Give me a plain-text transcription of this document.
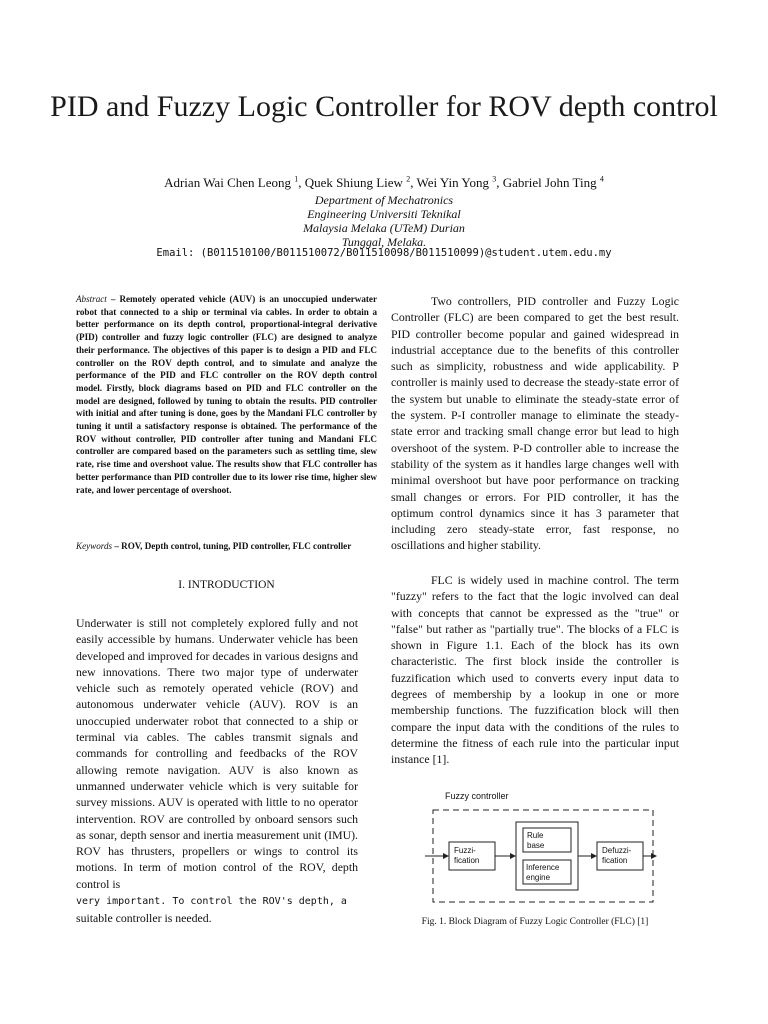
PID and Fuzzy Logic Controller for ROV depth control
Adrian Wai Chen Leong $^1$, Quek Shiung Liew $^2$, Wei Yin Yong $^3$, Gabriel John Ting $^4$
Department of Mechatronics
Engineering Universiti Teknikal
Malaysia Melaka (UTeM) Durian
Tunggal, Melaka.
Email: (B011510100/B011510072/B011510098/B011510099)@student.utem.edu.my
Abstract – Remotely operated vehicle (AUV) is an unoccupied underwater robot that connected to a ship or terminal via cables. In order to obtain a better performance on its depth control, proportional-integral derivative (PID) controller and fuzzy logic controller (FLC) are designed to analyze their performance. The objectives of this paper is to design a PID and FLC controller on the ROV depth control, and to simulate and analyze the performance of the PID and FLC controller on the ROV depth control model. Firstly, block diagrams based on PID and FLC controller on the model are designed, followed by tuning to obtain the results. PID controller with initial and after tuning is done, goes by the Mandani FLC controller by tuning it until a satisfactory response is obtained. The performance of the ROV without controller, PID controller after tuning and Mandani FLC controller are compared based on the parameters such as settling time, slew rate, rise time and overshoot value. The results show that FLC controller has better performance than PID controller due to its lower rise time, higher slew rate, and lower percentage of overshoot.
Keywords – ROV, Depth control, tuning, PID controller, FLC controller
I. INTRODUCTION
Underwater is still not completely explored fully and not easily accessible by humans. Underwater vehicle has been developed and improved for decades in various designs and new innovations. There two major type of underwater vehicle such as remotely operated vehicle (ROV) and autonomous underwater vehicle (AUV). ROV is an unoccupied underwater robot that connected to a ship or terminal via cables. The cables transmit signals and commands for controlling and feedbacks of the ROV allowing remote navigation. AUV is also known as unmanned underwater vehicle which is very suitable for survey missions. AUV is operated with little to no operator intervention. ROV are controlled by onboard sensors such as sonar, depth sensor and inertia measurement unit (IMU). ROV has thrusters, propellers or wings to control its motions. In term of motion control of the ROV, depth control is
very important. To control the ROV's depth, a
suitable controller is needed.
Two controllers, PID controller and Fuzzy Logic Controller (FLC) are been compared to get the best result. PID controller become popular and gained widespread in industrial acceptance due to the benefits of this controller such as simplicity, robustness and wide applicability. P controller is mainly used to decrease the steady-state error of the system but unable to eliminate the steady-state error of the system. P-I controller manage to eliminate the steady-state error and tracking small change error but lead to high overshoot of the system. P-D controller able to increase the stability of the system as it handles large changes well with minimal overshoot but have poor performance on tracking small changes or errors. For PID controller, it has the optimum control dynamics since it has 3 parameter that including zero steady-state error, fast response, no oscillations and higher stability.
FLC is widely used in machine control. The term "fuzzy" refers to the fact that the logic involved can deal with concepts that cannot be expressed as the "true" or "false" but rather as "partially true". The blocks of a FLC is shown in Figure 1.1. Each of the block has its own characteristic. The first block inside the controller is fuzzification which used to converts every input data to degrees of membership by a lookup in one or more membership functions. The fuzzification block will then compare the input data with the conditions of the rules to determine the fitness of each rule into the particular input instance [1].
Fuzzy controller
Fuzzi-
fication
Rule
base
Inference
engine
Defuzzi-
fication
Fig. 1. Block Diagram of Fuzzy Logic Controller (FLC) [1]
